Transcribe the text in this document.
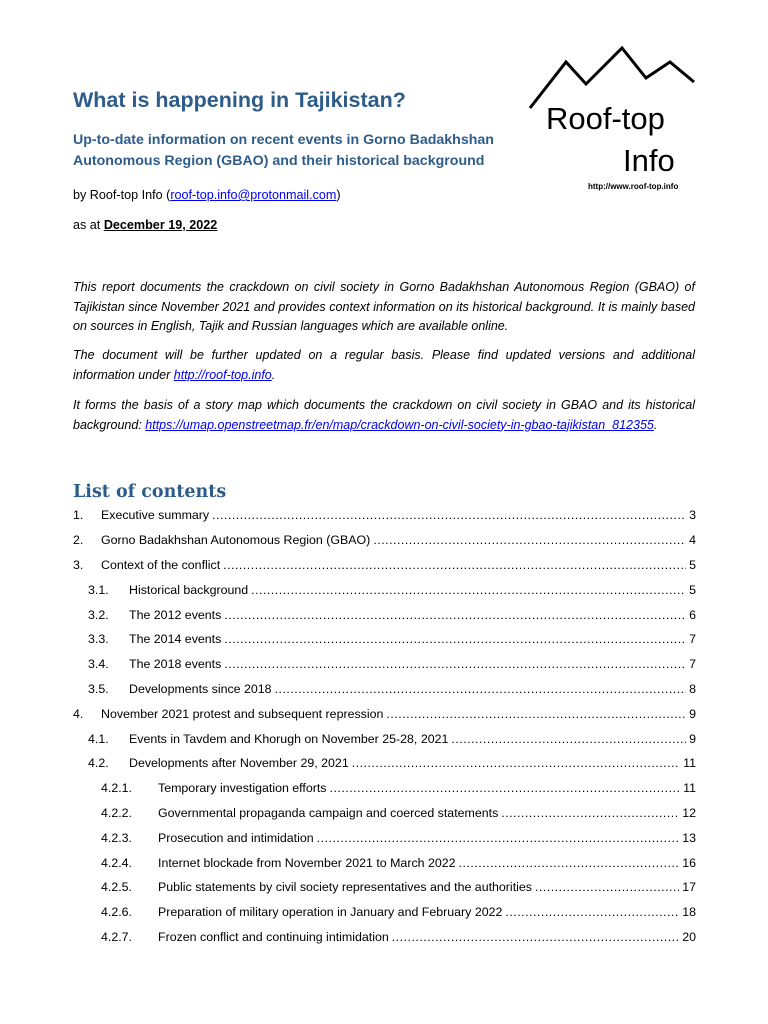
Roof-top
Info
http://www.roof-top.info
What is happening in Tajikistan?

Up-to-date information on recent events in Gorno Badakhshan Autonomous Region (GBAO) and their historical background

by Roof-top Info (roof-top.info@protonmail.com)
as at December 19, 2022

This report documents the crackdown on civil society in Gorno Badakhshan Autonomous Region (GBAO) of Tajikistan since November 2021 and provides context information on its historical background. It is mainly based on sources in English, Tajik and Russian languages which are available online.

The document will be further updated on a regular basis. Please find updated versions and additional information under http://roof-top.info.

It forms the basis of a story map which documents the crackdown on civil society in GBAO and its historical background: https://umap.openstreetmap.fr/en/map/crackdown-on-civil-society-in-gbao-tajikistan_812355.

List of contents
1.	Executive summary .....	3
2.	Gorno Badakhshan Autonomous Region (GBAO) .....	4
3.	Context of the conflict .....	5
3.1.	Historical background .....	5
3.2.	The 2012 events .....	6
3.3.	The 2014 events .....	7
3.4.	The 2018 events .....	7
3.5.	Developments since 2018 .....	8
4.	November 2021 protest and subsequent repression .....	9
4.1.	Events in Tavdem and Khorugh on November 25-28, 2021 .....	9
4.2.	Developments after November 29, 2021 .....	11
4.2.1.	Temporary investigation efforts .....	11
4.2.2.	Governmental propaganda campaign and coerced statements .....	12
4.2.3.	Prosecution and intimidation .....	13
4.2.4.	Internet blockade from November 2021 to March 2022 .....	16
4.2.5.	Public statements by civil society representatives and the authorities .....	17
4.2.6.	Preparation of military operation in January and February 2022 .....	18
4.2.7.	Frozen conflict and continuing intimidation .....	20
